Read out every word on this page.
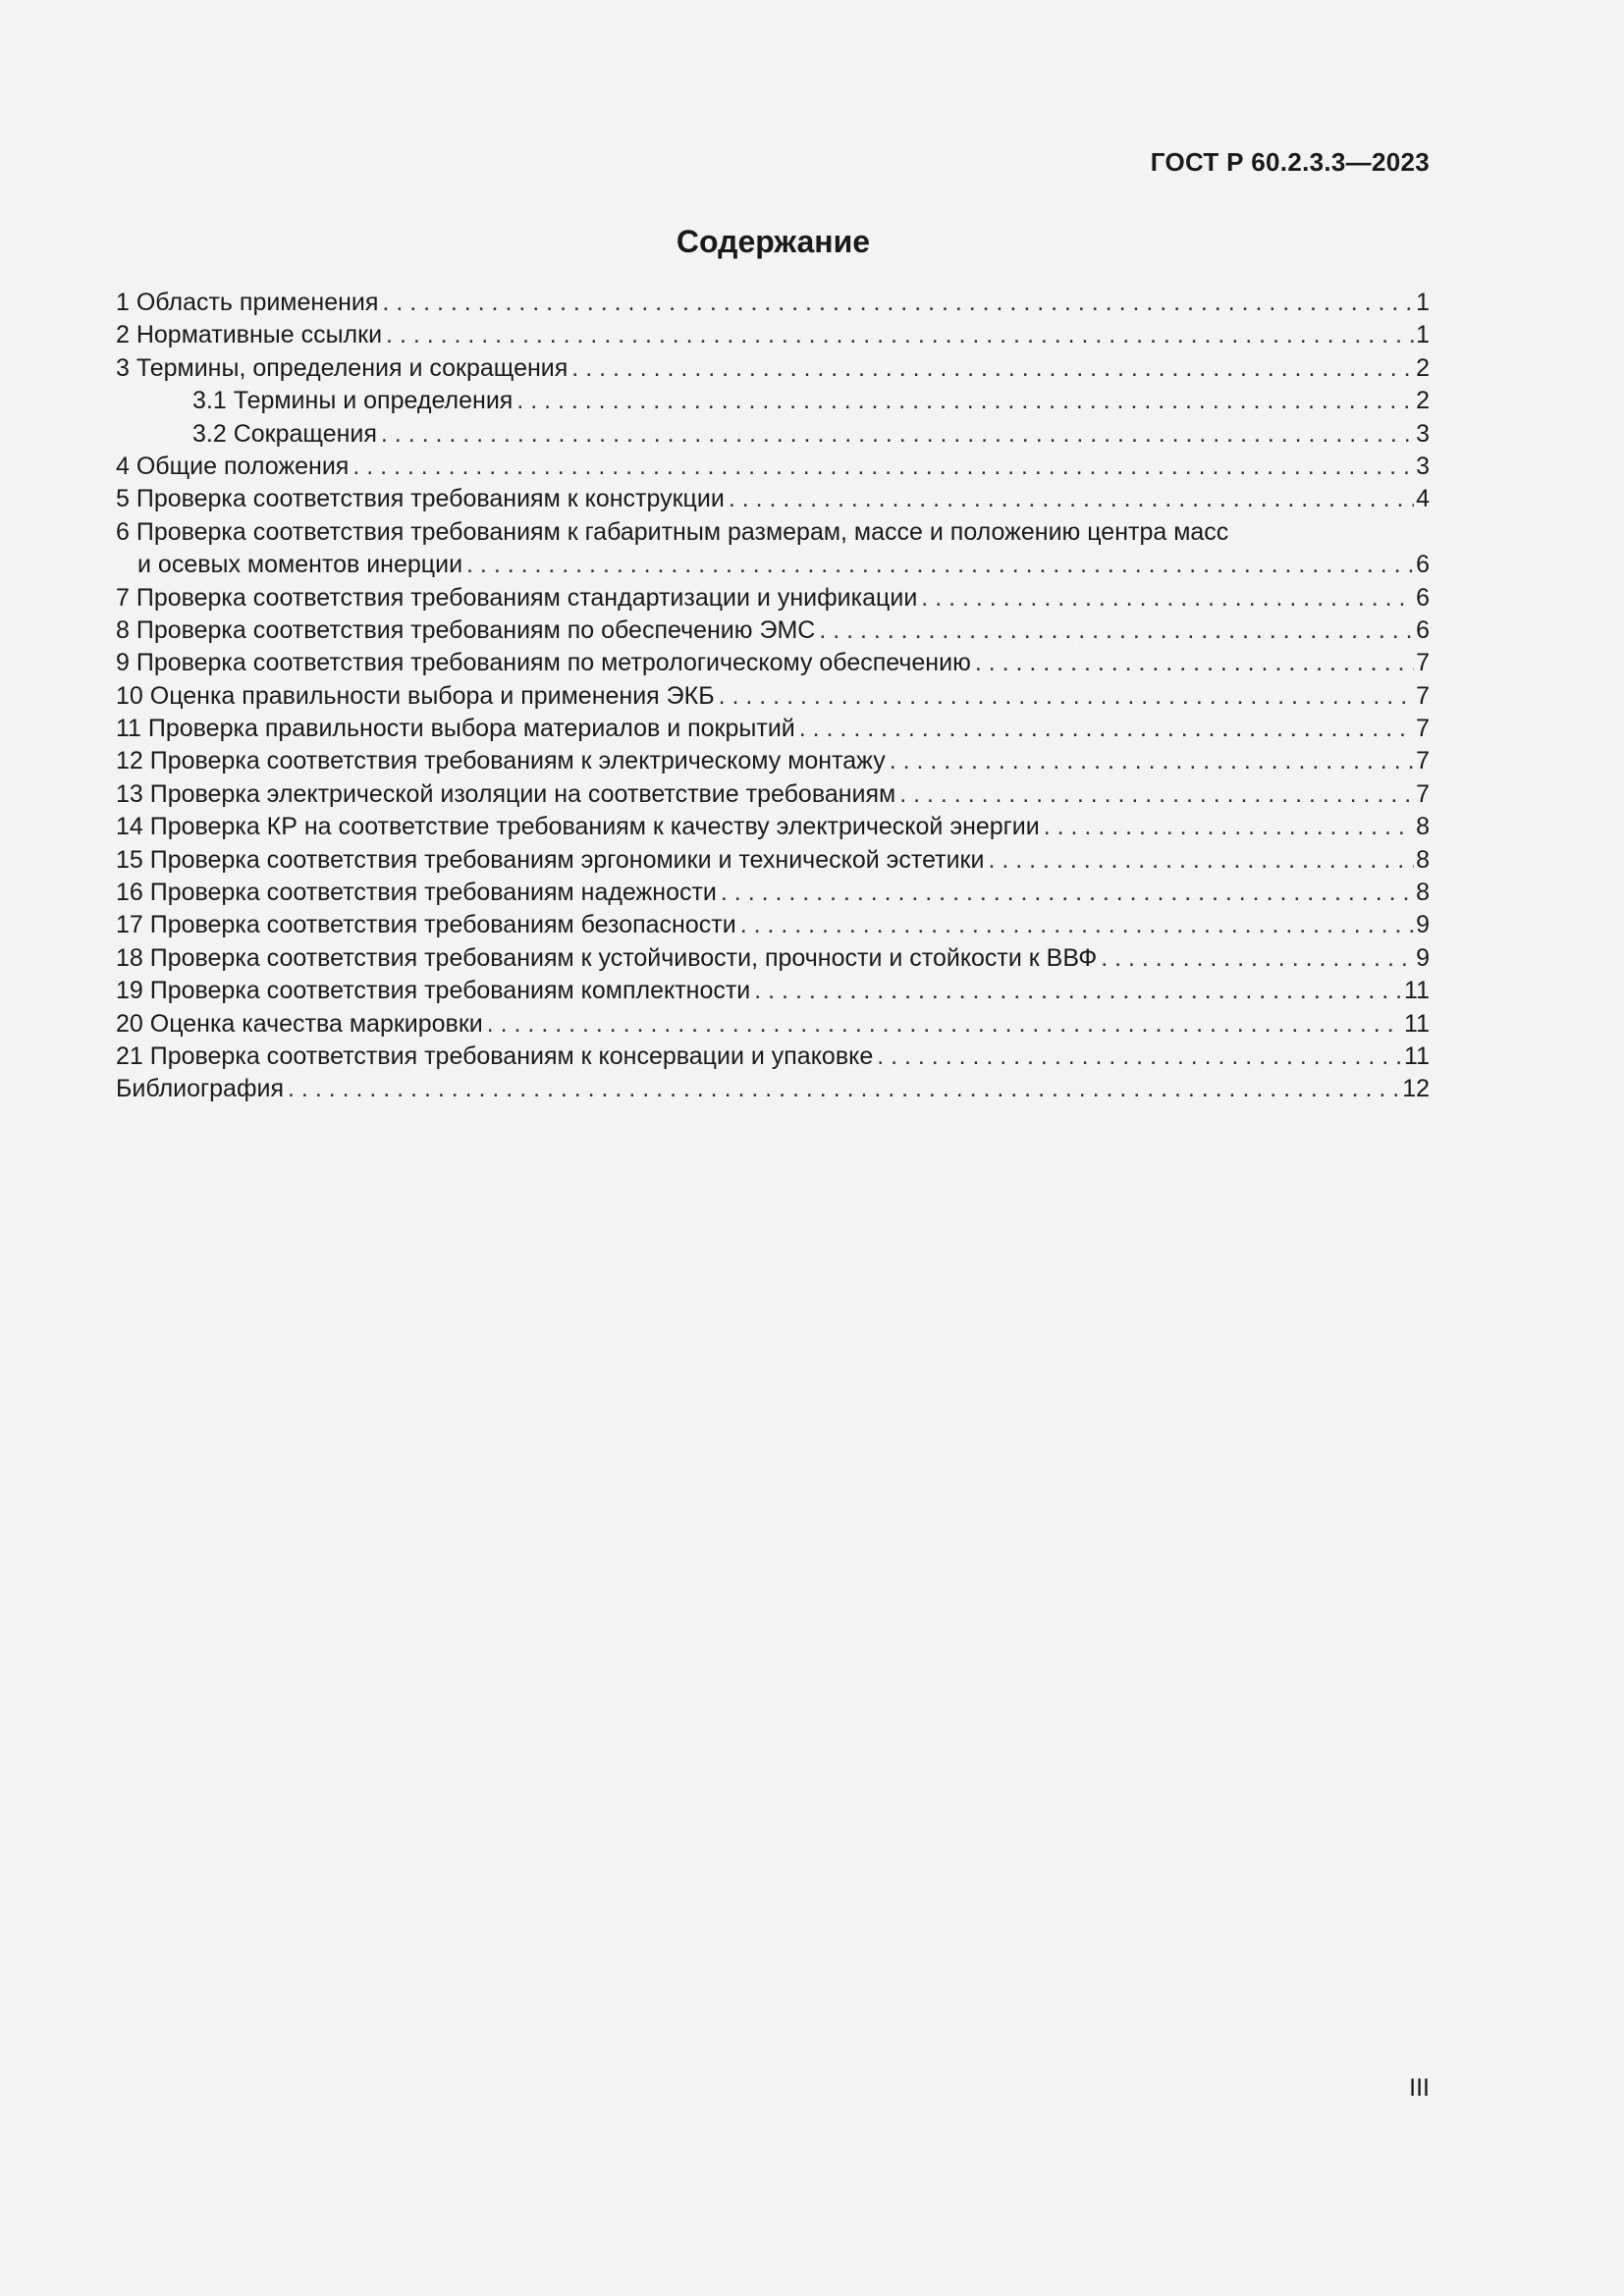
ГОСТ Р 60.2.3.3—2023
Содержание
1 Область применения . . .	1
2 Нормативные ссылки . . .	1
3 Термины, определения и сокращения . . .	2
3.1 Термины и определения . . .	2
3.2 Сокращения . . .	3
4 Общие положения . . .	3
5 Проверка соответствия требованиям к конструкции . . .	4
6 Проверка соответствия требованиям к габаритным размерам, массе и положению центра масс
и осевых моментов инерции . . .	6
7 Проверка соответствия требованиям стандартизации и унификации . . .	6
8 Проверка соответствия требованиям по обеспечению ЭМС . . .	6
9 Проверка соответствия требованиям по метрологическому обеспечению . . .	7
10 Оценка правильности выбора и применения ЭКБ . . .	7
11 Проверка правильности выбора материалов и покрытий . . .	7
12 Проверка соответствия требованиям к электрическому монтажу . . .	7
13 Проверка электрической изоляции на соответствие требованиям . . .	7
14 Проверка КР на соответствие требованиям к качеству электрической энергии . . .	8
15 Проверка соответствия требованиям эргономики и технической эстетики . . .	8
16 Проверка соответствия требованиям надежности . . .	8
17 Проверка соответствия требованиям безопасности . . .	9
18 Проверка соответствия требованиям к устойчивости, прочности и стойкости к ВВФ . . .	9
19 Проверка соответствия требованиям комплектности . . .	11
20 Оценка качества маркировки . . .	11
21 Проверка соответствия требованиям к консервации и упаковке . . .	11
Библиография . . .	12
III
